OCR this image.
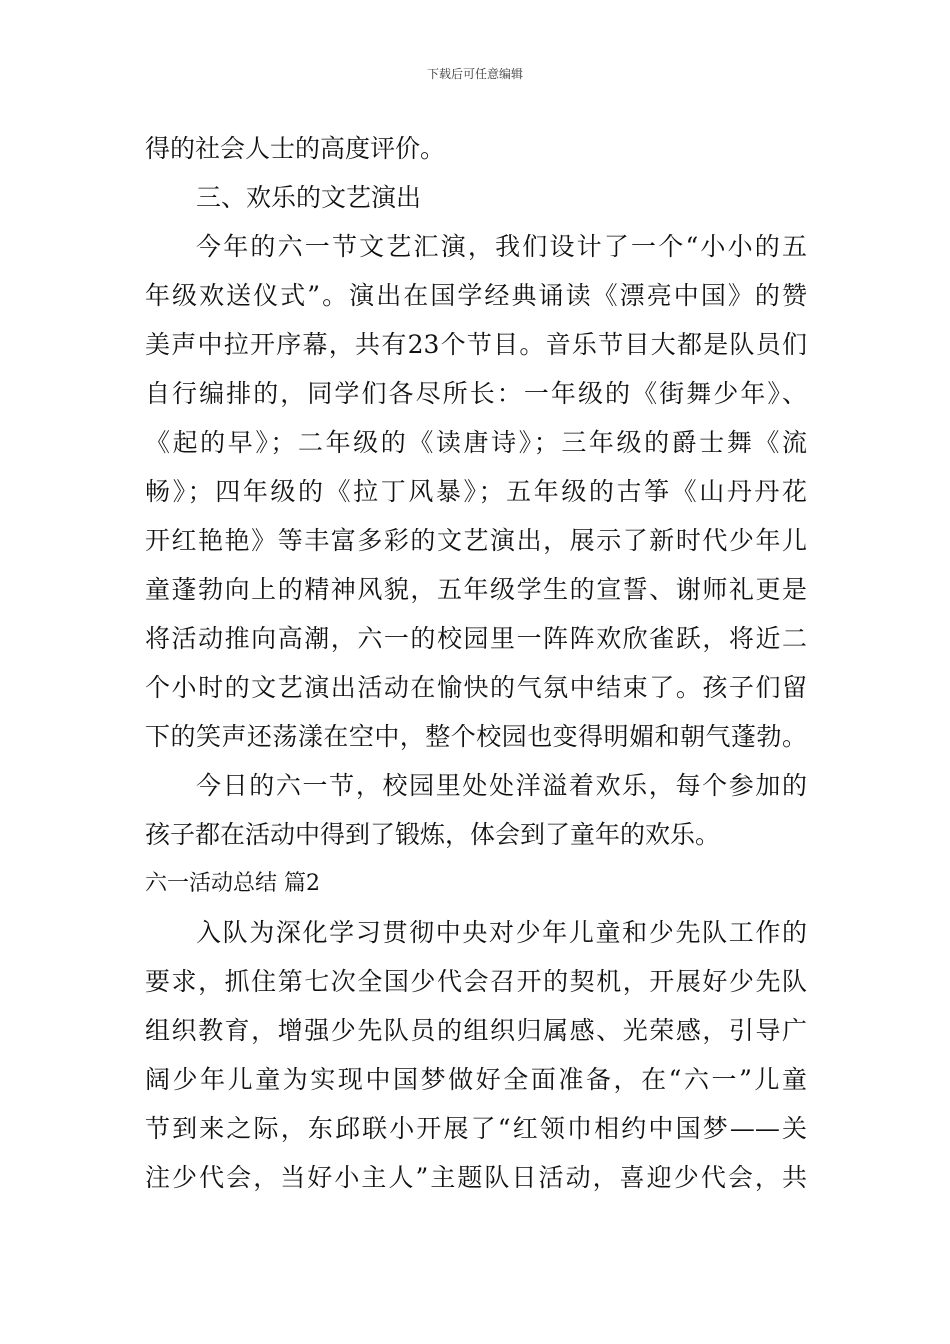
下载后可任意编辑
得的社会人士的高度评价。
三、欢乐的文艺演出
今年的六一节文艺汇演，我们设计了一个“小小的五
年级欢送仪式”。演出在国学经典诵读《漂亮中国》的赞
美声中拉开序幕，共有23个节目。音乐节目大都是队员们
自行编排的，同学们各尽所长：一年级的《街舞少年》、
《起的早》；二年级的《读唐诗》；三年级的爵士舞《流
畅》；四年级的《拉丁风暴》；五年级的古筝《山丹丹花
开红艳艳》等丰富多彩的文艺演出，展示了新时代少年儿
童蓬勃向上的精神风貌，五年级学生的宣誓、谢师礼更是
将活动推向高潮，六一的校园里一阵阵欢欣雀跃，将近二
个小时的文艺演出活动在愉快的气氛中结束了。孩子们留
下的笑声还荡漾在空中，整个校园也变得明媚和朝气蓬勃。
今日的六一节，校园里处处洋溢着欢乐，每个参加的
孩子都在活动中得到了锻炼，体会到了童年的欢乐。
六一活动总结 篇2
入队为深化学习贯彻中央对少年儿童和少先队工作的
要求，抓住第七次全国少代会召开的契机，开展好少先队
组织教育，增强少先队员的组织归属感、光荣感，引导广
阔少年儿童为实现中国梦做好全面准备，在“六一”儿童
节到来之际，东邱联小开展了“红领巾相约中国梦——关
注少代会，当好小主人”主题队日活动，喜迎少代会，共
